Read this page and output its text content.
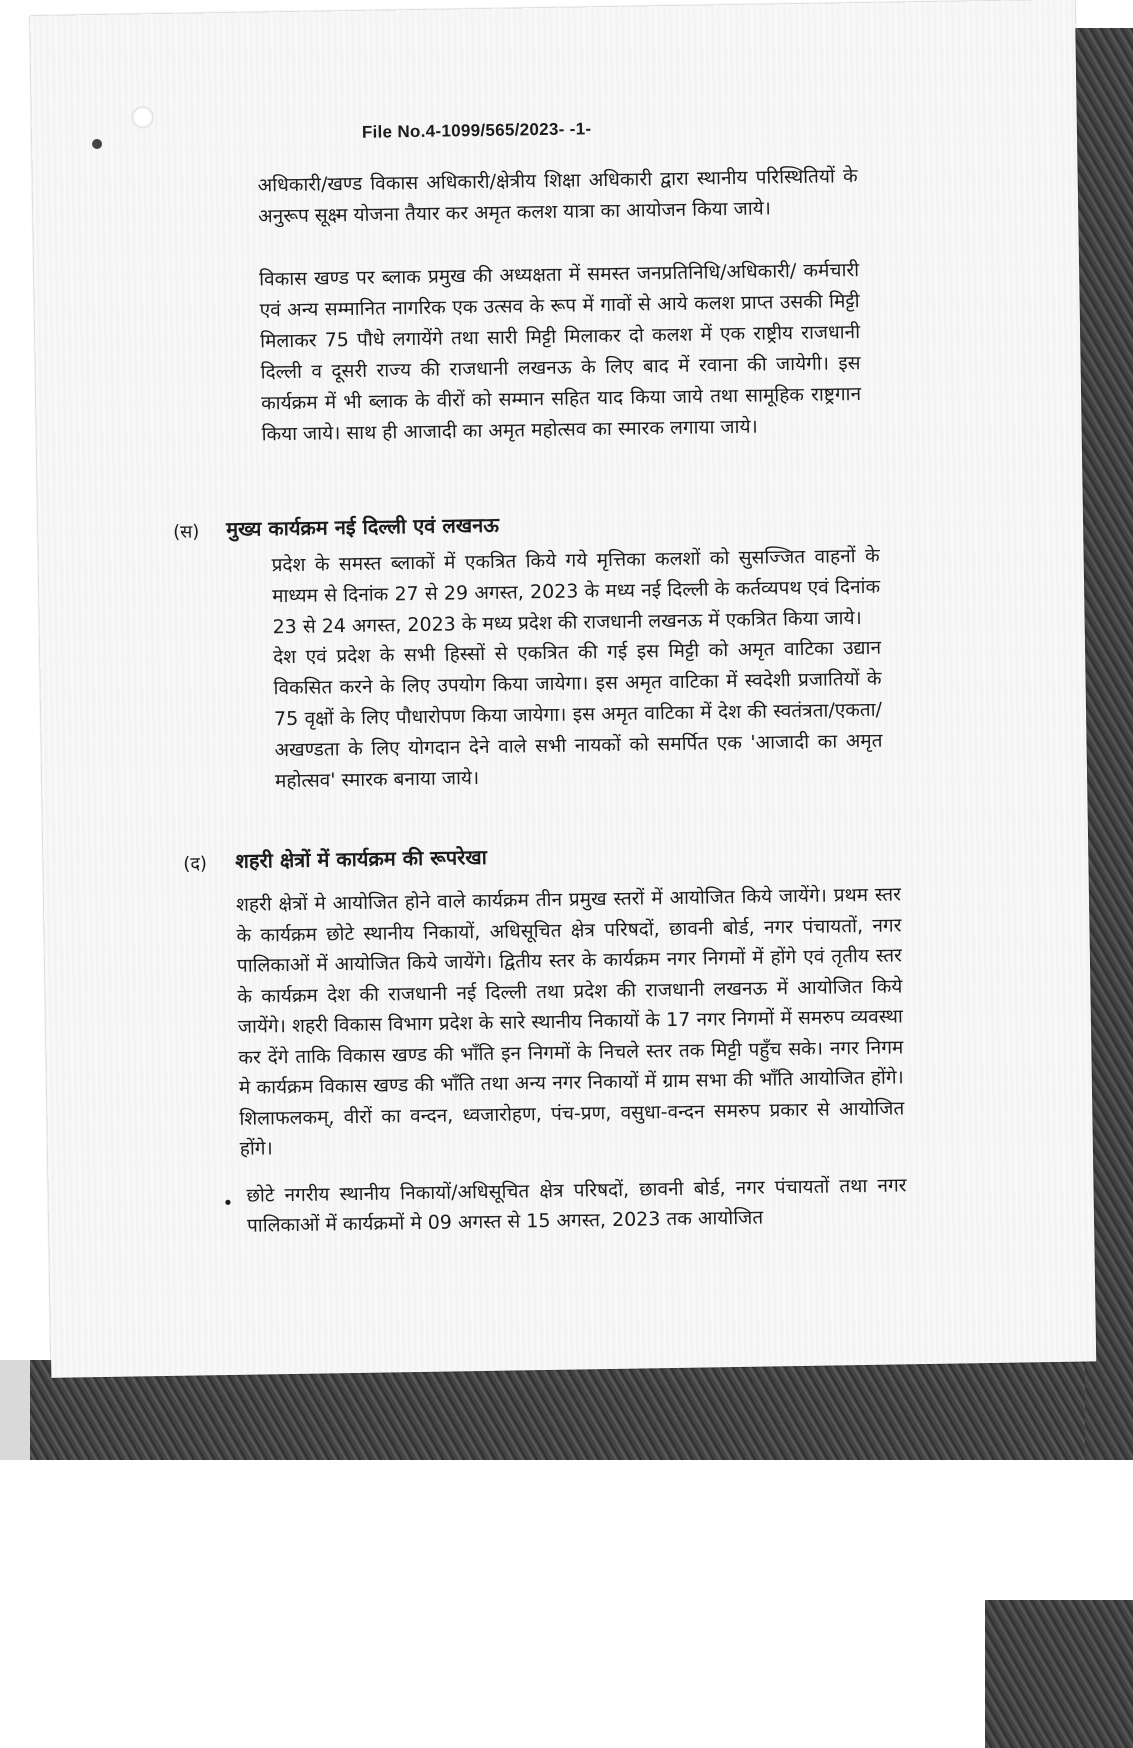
File No.4-1099/565/2023- -1-
अधिकारी/खण्ड विकास अधिकारी/क्षेत्रीय शिक्षा अधिकारी द्वारा स्थानीय परिस्थितियों के अनुरूप सूक्ष्म योजना तैयार कर अमृत कलश यात्रा का आयोजन किया जाये।
विकास खण्ड पर ब्लाक प्रमुख की अध्यक्षता में समस्त जनप्रतिनिधि/अधिकारी/ कर्मचारी एवं अन्य सम्मानित नागरिक एक उत्सव के रूप में गावों से आये कलश प्राप्त उसकी मिट्टी मिलाकर 75 पौधे लगायेंगे तथा सारी मिट्टी मिलाकर दो कलश में एक राष्ट्रीय राजधानी दिल्ली व दूसरी राज्य की राजधानी लखनऊ के लिए बाद में रवाना की जायेगी। इस कार्यक्रम में भी ब्लाक के वीरों को सम्मान सहित याद किया जाये तथा सामूहिक राष्ट्रगान किया जाये। साथ ही आजादी का अमृत महोत्सव का स्मारक लगाया जाये।
(स) मुख्य कार्यक्रम नई दिल्ली एवं लखनऊ
प्रदेश के समस्त ब्लाकों में एकत्रित किये गये मृत्तिका कलशों को सुसज्जित वाहनों के माध्यम से दिनांक 27 से 29 अगस्त, 2023 के मध्य नई दिल्ली के कर्तव्यपथ एवं दिनांक 23 से 24 अगस्त, 2023 के मध्य प्रदेश की राजधानी लखनऊ में एकत्रित किया जाये।
देश एवं प्रदेश के सभी हिस्सों से एकत्रित की गई इस मिट्टी को अमृत वाटिका उद्यान विकसित करने के लिए उपयोग किया जायेगा। इस अमृत वाटिका में स्वदेशी प्रजातियों के 75 वृक्षों के लिए पौधारोपण किया जायेगा। इस अमृत वाटिका में देश की स्वतंत्रता/एकता/अखण्डता के लिए योगदान देने वाले सभी नायकों को समर्पित एक 'आजादी का अमृत महोत्सव' स्मारक बनाया जाये।
(द) शहरी क्षेत्रों में कार्यक्रम की रूपरेखा
शहरी क्षेत्रों मे आयोजित होने वाले कार्यक्रम तीन प्रमुख स्तरों में आयोजित किये जायेंगे। प्रथम स्तर के कार्यक्रम छोटे स्थानीय निकायों, अधिसूचित क्षेत्र परिषदों, छावनी बोर्ड, नगर पंचायतों, नगर पालिकाओं में आयोजित किये जायेंगे। द्वितीय स्तर के कार्यक्रम नगर निगमों में होंगे एवं तृतीय स्तर के कार्यक्रम देश की राजधानी नई दिल्ली तथा प्रदेश की राजधानी लखनऊ में आयोजित किये जायेंगे। शहरी विकास विभाग प्रदेश के सारे स्थानीय निकायों के 17 नगर निगमों में समरुप व्यवस्था कर देंगे ताकि विकास खण्ड की भाँति इन निगमों के निचले स्तर तक मिट्टी पहुँच सके। नगर निगम मे कार्यक्रम विकास खण्ड की भाँति तथा अन्य नगर निकायों में ग्राम सभा की भाँति आयोजित होंगे। शिलाफलकम्, वीरों का वन्दन, ध्वजारोहण, पंच-प्रण, वसुधा-वन्दन समरुप प्रकार से आयोजित होंगे।
• छोटे नगरीय स्थानीय निकायों/अधिसूचित क्षेत्र परिषदों, छावनी बोर्ड, नगर पंचायतों तथा नगर पालिकाओं में कार्यक्रमों मे 09 अगस्त से 15 अगस्त, 2023 तक आयोजित
